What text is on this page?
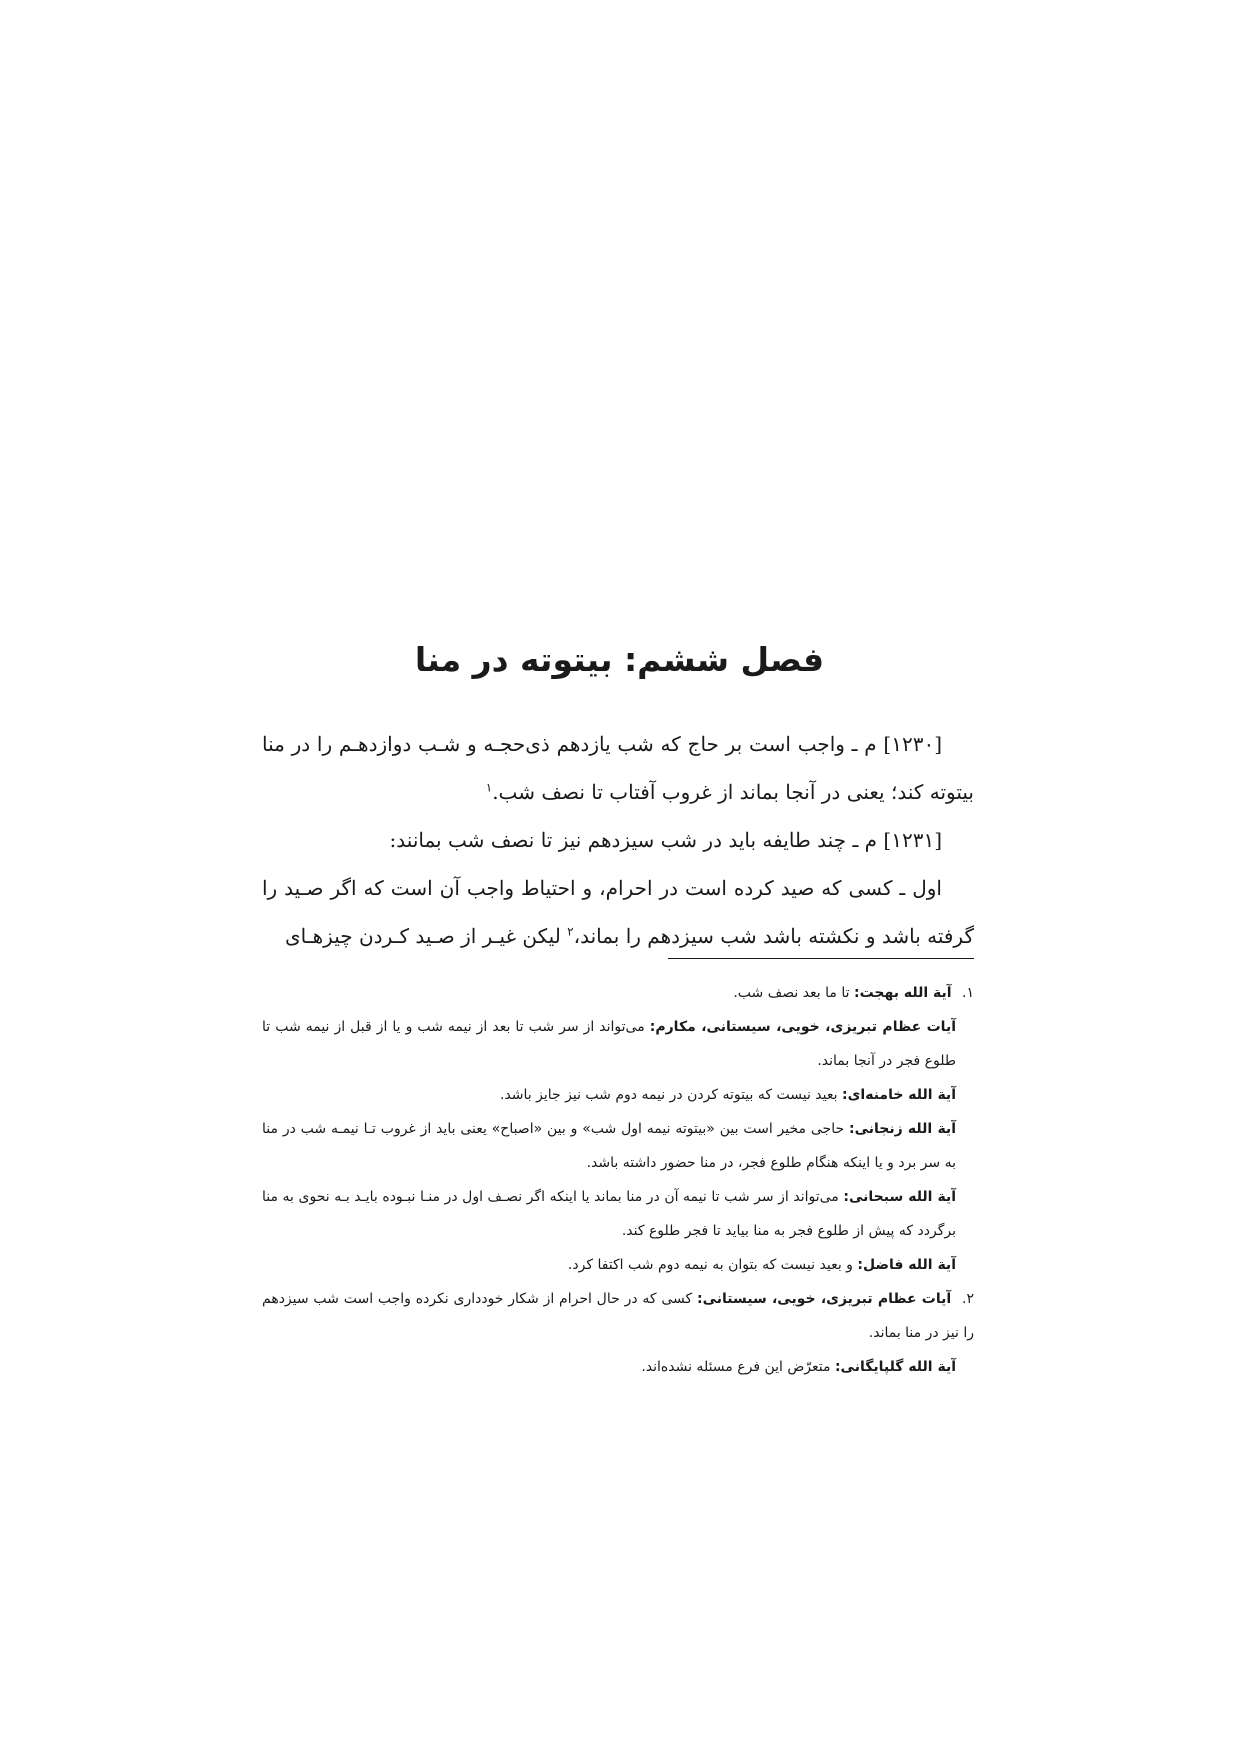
فصل ششم: بیتوته در منا

[۱۲۳۰] م ـ واجب است بر حاج که شب یازدهم ذی‌حجـه و شـب دوازدهـم را در منا بیتوته کند؛ یعنی در آنجا بماند از غروب آفتاب تا نصف شب.$^۱$

[۱۲۳۱] م ـ چند طایفه باید در شب سیزدهم نیز تا نصف شب بمانند:

اول ـ کسی که صید کرده است در احرام، و احتیاط واجب آن است که اگر صـید را گرفته باشد و نکشته باشد شب سیزدهم را بماند،$^۲$ لیکن غیـر از صـید کـردن چیزهـای

۱. آیة الله بهجت: تا ما بعد نصف شب.

آیات عظام تبریزی، خویی، سیستانی، مکارم: می‌تواند از سر شب تا بعد از نیمه شب و یا از قبل از نیمه شب تا طلوع فجر در آنجا بماند.

آیة الله خامنه‌ای: بعید نیست که بیتوته کردن در نیمه دوم شب نیز جایز باشد.

آیة الله زنجانی: حاجی مخیر است بین «بیتوته نیمه اول شب» و بین «اصباح» یعنی باید از غروب تـا نیمـه شب در منا به سر برد و یا اینکه هنگام طلوع فجر، در منا حضور داشته باشد.

آیة الله سبحانی: می‌تواند از سر شب تا نیمه آن در منا بماند یا اینکه اگر نصـف اول در منـا نبـوده بایـد بـه نحوی به منا برگردد که پیش از طلوع فجر به منا بیاید تا فجر طلوع کند.

آیة الله فاضل: و بعید نیست که بتوان به نیمه دوم شب اکتفا کرد.

۲. آیات عظام تبریزی، خویی، سیستانی: کسی که در حال احرام از شکار خودداری نکرده واجب است شب سیزدهم را نیز در منا بماند.

آیة الله گلپایگانی: متعرّض این فرع مسئله نشده‌اند.
